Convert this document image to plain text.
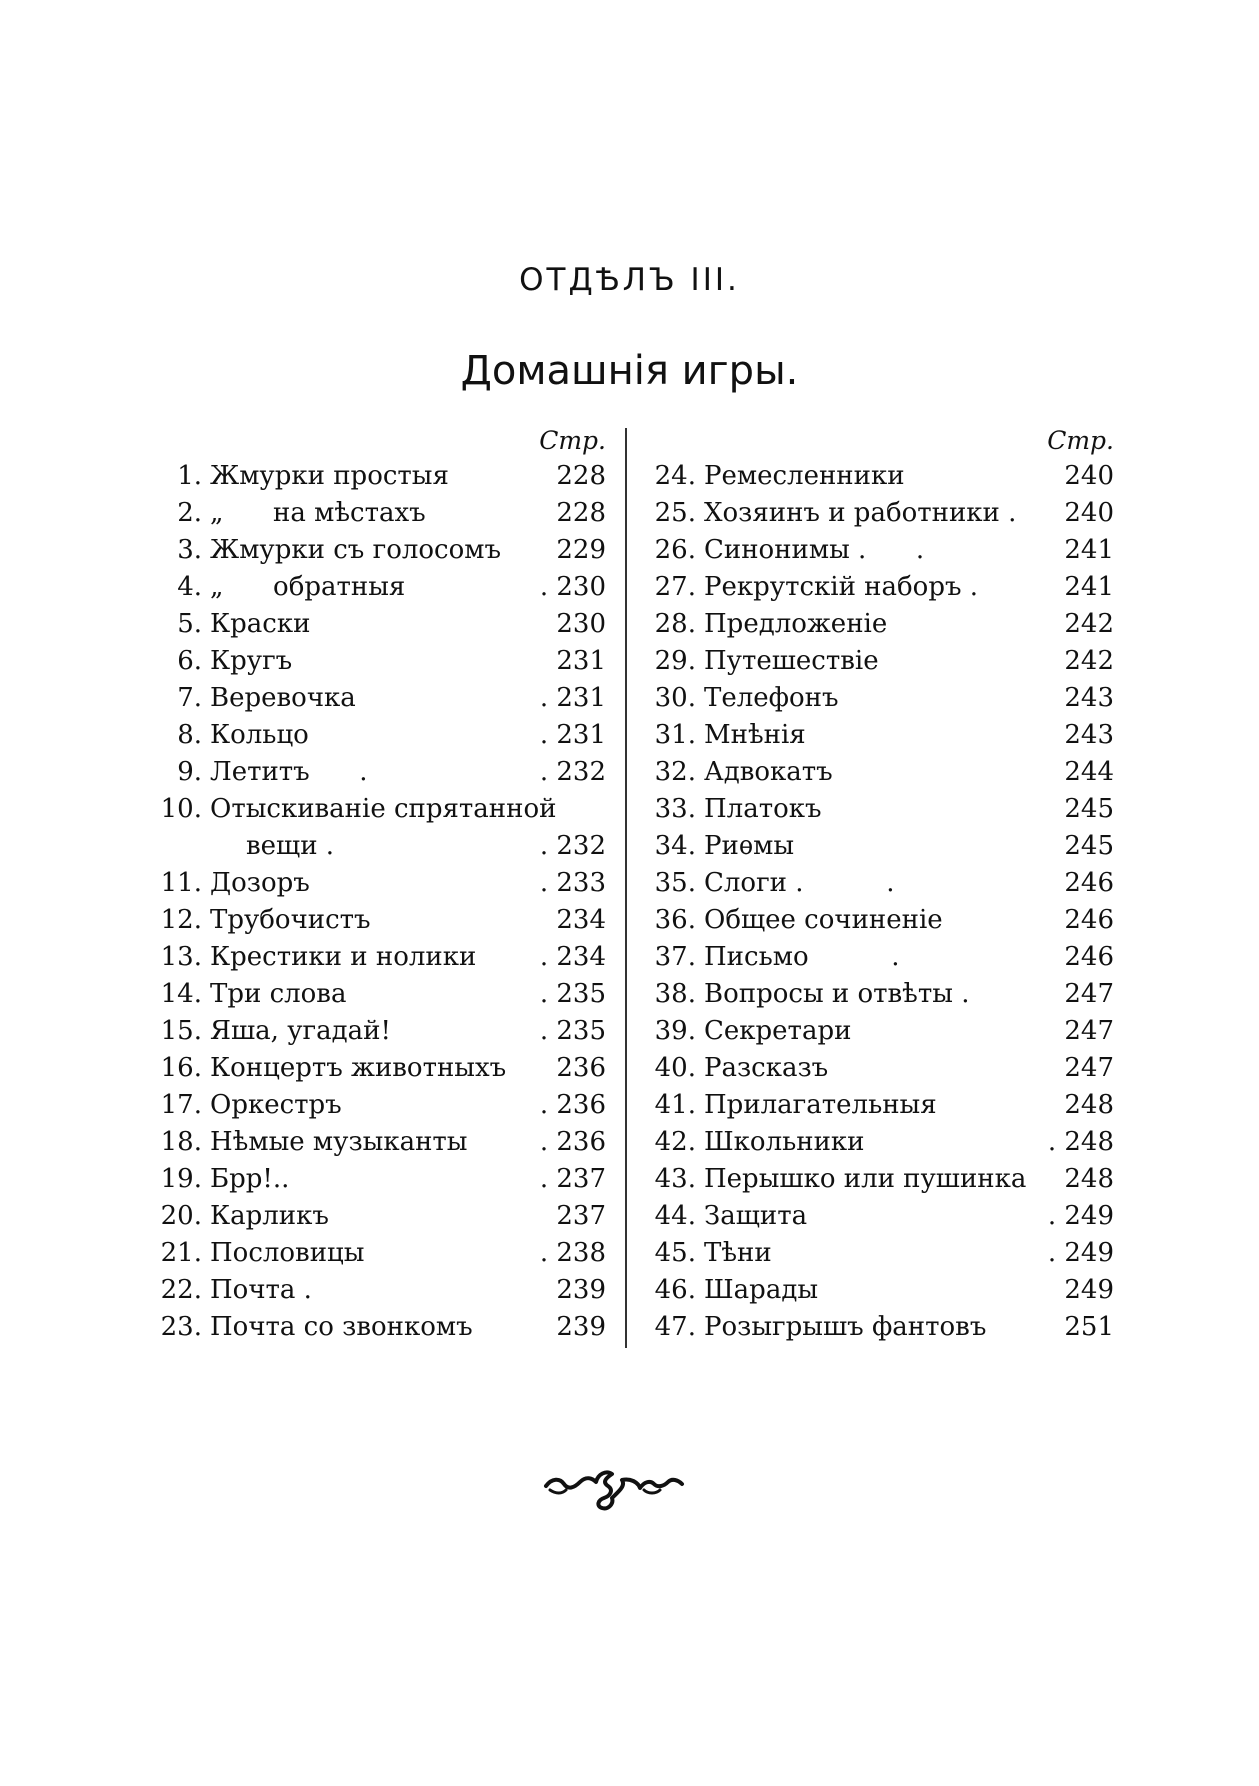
ОТДѢЛЪ III.
Домашнія игры.
Стр.
1. Жмурки простыя	228
2. „      на мѣстахъ	228
3. Жмурки съ голосомъ 229
4. „      обратныя	. 230
5. Краски	230
6. Кругъ	231
7. Веревочка	. 231
8. Кольцо	. 231
9. Летитъ      .	. 232
10. Отыскиваніе спрятанной
вещи .	. 232
11. Дозоръ	. 233
12. Трубочистъ	234
13. Крестики и нолики . 234
14. Три слова	. 235
15. Яша, угадай!	. 235
16. Концертъ животныхъ 236
17. Оркестръ	. 236
18. Нѣмые музыканты	. 236
19. Брр!..	. 237
20. Карликъ	237
21. Пословицы	. 238
22. Почта .	239
23. Почта со звонкомъ	239
Стр.
24. Ремесленники	240
25. Хозяинъ и работники . 240
26. Синонимы .      .	241
27. Рекрутскій наборъ .	241
28. Предложеніе	242
29. Путешествіе	242
30. Телефонъ	243
31. Мнѣнія	243
32. Адвокатъ	244
33. Платокъ	245
34. Риѳмы	245
35. Слоги .          .	246
36. Общее сочиненіе	246
37. Письмо          .	246
38. Вопросы и отвѣты .	247
39. Секретари	247
40. Разсказъ	247
41. Прилагательныя	248
42. Школьники	. 248
43. Перышко или пушинка 248
44. Защита	. 249
45. Тѣни	. 249
46. Шарады	249
47. Розыгрышъ фантовъ	251
